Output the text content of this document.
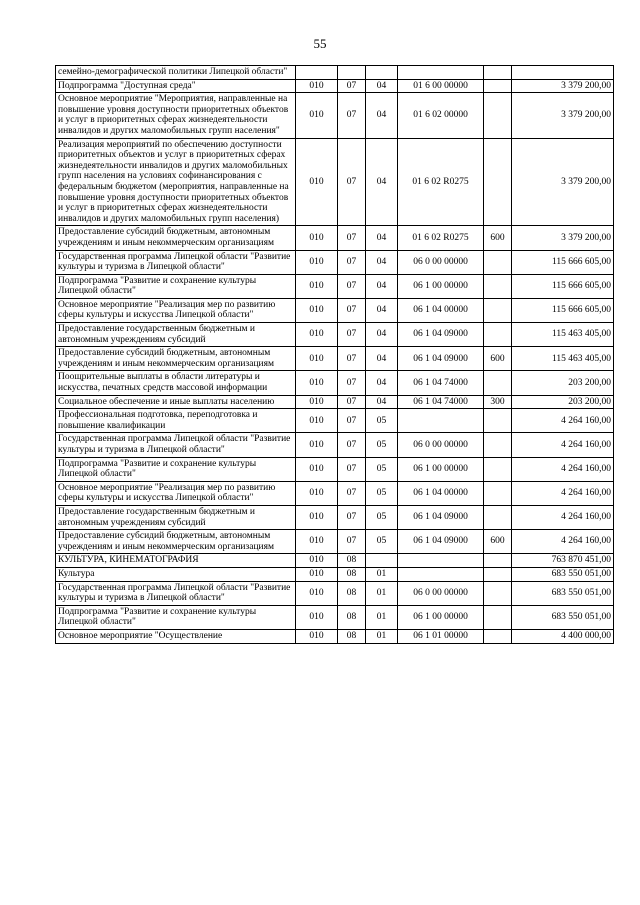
55
семейно-демографической политики Липецкой области"						
Подпрограмма "Доступная среда"	010	07	04	01 6 00 00000		3 379 200,00
Основное мероприятие "Мероприятия, направленные на повышение уровня доступности приоритетных объектов и услуг в приоритетных сферах жизнедеятельности инвалидов и других маломобильных групп населения"	010	07	04	01 6 02 00000		3 379 200,00
Реализация мероприятий по обеспечению доступности приоритетных объектов и услуг в приоритетных сферах жизнедеятельности инвалидов и других маломобильных групп населения на условиях софинансирования с федеральным бюджетом (мероприятия, направленные на повышение уровня доступности приоритетных объектов и услуг в приоритетных сферах жизнедеятельности инвалидов и других маломобильных групп населения)	010	07	04	01 6 02 R0275		3 379 200,00
Предоставление субсидий бюджетным, автономным учреждениям и иным некоммерческим организациям	010	07	04	01 6 02 R0275	600	3 379 200,00
Государственная программа Липецкой области "Развитие культуры и туризма в Липецкой области"	010	07	04	06 0 00 00000		115 666 605,00
Подпрограмма "Развитие и сохранение культуры Липецкой области"	010	07	04	06 1 00 00000		115 666 605,00
Основное мероприятие "Реализация мер по развитию сферы культуры и искусства Липецкой области"	010	07	04	06 1 04 00000		115 666 605,00
Предоставление государственным бюджетным и автономным учреждениям субсидий	010	07	04	06 1 04 09000		115 463 405,00
Предоставление субсидий бюджетным, автономным учреждениям и иным некоммерческим организациям	010	07	04	06 1 04 09000	600	115 463 405,00
Поощрительные выплаты в области литературы и искусства, печатных средств массовой информации	010	07	04	06 1 04 74000		203 200,00
Социальное обеспечение и иные выплаты населению	010	07	04	06 1 04 74000	300	203 200,00
Профессиональная подготовка, переподготовка и повышение квалификации	010	07	05			4 264 160,00
Государственная программа Липецкой области "Развитие культуры и туризма в Липецкой области"	010	07	05	06 0 00 00000		4 264 160,00
Подпрограмма "Развитие и сохранение культуры Липецкой области"	010	07	05	06 1 00 00000		4 264 160,00
Основное мероприятие "Реализация мер по развитию сферы культуры и искусства Липецкой области"	010	07	05	06 1 04 00000		4 264 160,00
Предоставление государственным бюджетным и автономным учреждениям субсидий	010	07	05	06 1 04 09000		4 264 160,00
Предоставление субсидий бюджетным, автономным учреждениям и иным некоммерческим организациям	010	07	05	06 1 04 09000	600	4 264 160,00
КУЛЬТУРА, КИНЕМАТОГРАФИЯ	010	08				763 870 451,00
Культура	010	08	01			683 550 051,00
Государственная программа Липецкой области "Развитие культуры и туризма в Липецкой области"	010	08	01	06 0 00 00000		683 550 051,00
Подпрограмма "Развитие и сохранение культуры Липецкой области"	010	08	01	06 1 00 00000		683 550 051,00
Основное мероприятие "Осуществление	010	08	01	06 1 01 00000		4 400 000,00
